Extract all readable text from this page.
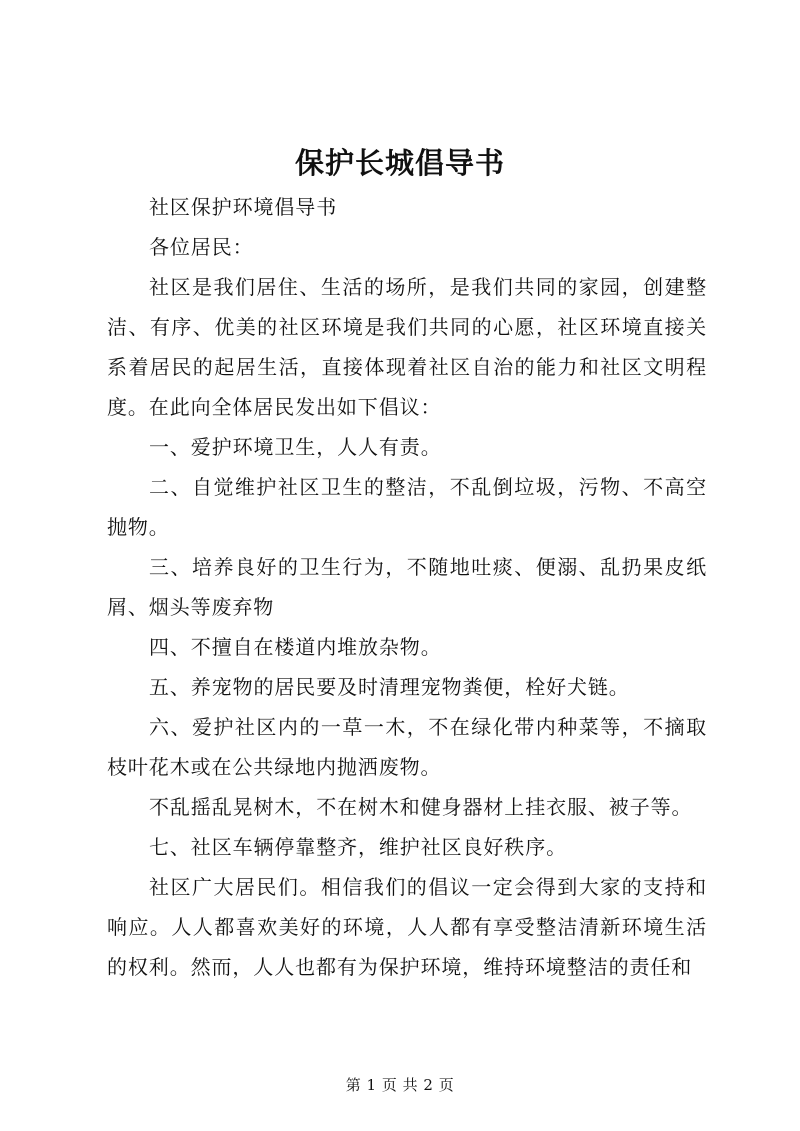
保护长城倡导书

社区保护环境倡导书

各位居民：

社区是我们居住、生活的场所，是我们共同的家园，创建整洁、有序、优美的社区环境是我们共同的心愿，社区环境直接关系着居民的起居生活，直接体现着社区自治的能力和社区文明程度。在此向全体居民发出如下倡议：

一、爱护环境卫生，人人有责。

二、自觉维护社区卫生的整洁，不乱倒垃圾，污物、不高空抛物。

三、培养良好的卫生行为，不随地吐痰、便溺、乱扔果皮纸屑、烟头等废弃物

四、不擅自在楼道内堆放杂物。

五、养宠物的居民要及时清理宠物粪便，栓好犬链。

六、爱护社区内的一草一木，不在绿化带内种菜等，不摘取枝叶花木或在公共绿地内抛洒废物。

不乱摇乱晃树木，不在树木和健身器材上挂衣服、被子等。

七、社区车辆停靠整齐，维护社区良好秩序。

社区广大居民们。相信我们的倡议一定会得到大家的支持和响应。人人都喜欢美好的环境，人人都有享受整洁清新环境生活的权利。然而，人人也都有为保护环境，维持环境整洁的责任和

第 1 页 共 2 页
